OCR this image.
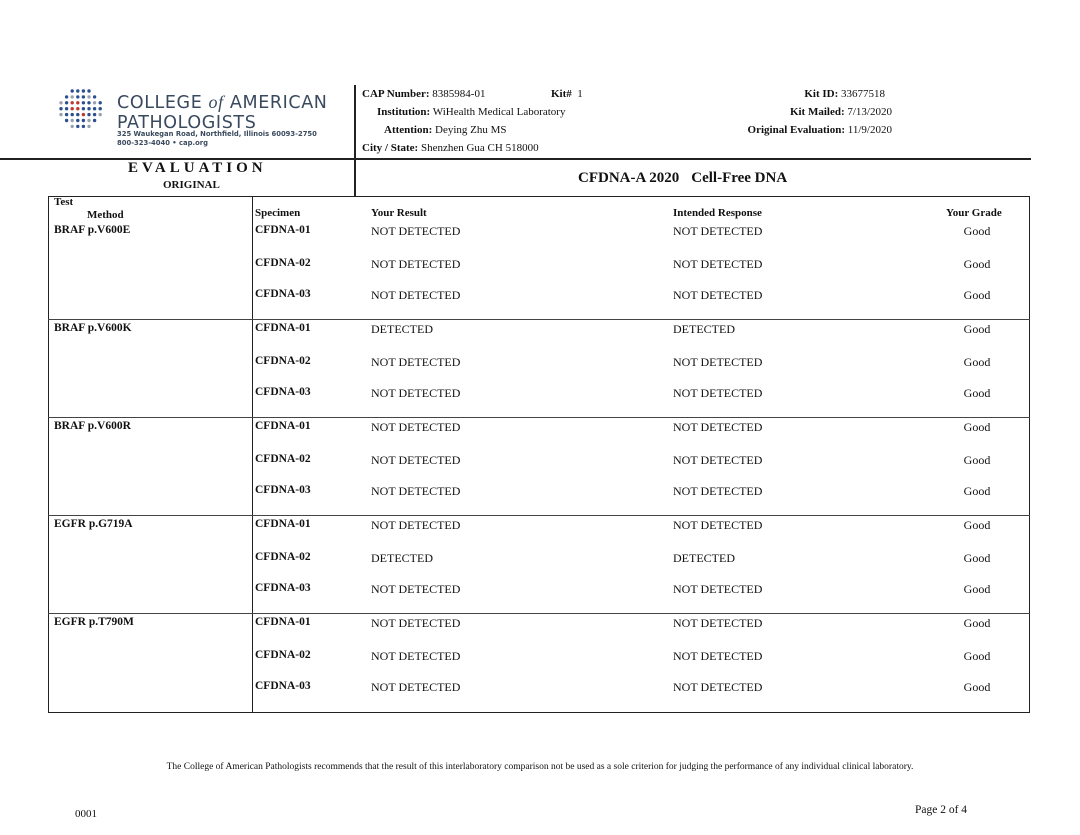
COLLEGE of AMERICAN
PATHOLOGISTS
325 Waukegan Road, Northfield, Illinois 60093-2750
800-323-4040 • cap.org
CAP Number: 8385984-01
Institution: WiHealth Medical Laboratory
Attention: Deying Zhu MS
City / State: Shenzhen Gua CH 518000
Kit# 1	Kit ID: 33677518
Kit Mailed: 7/13/2020
Original Evaluation: 11/9/2020
EVALUATION
ORIGINAL	CFDNA-A 2020 Cell-Free DNA
Test
Method	Specimen	Your Result	Intended Response	Your Grade
BRAF p.V600E	CFDNA-01	NOT DETECTED	NOT DETECTED	Good
CFDNA-02	NOT DETECTED	NOT DETECTED	Good
CFDNA-03	NOT DETECTED	NOT DETECTED	Good
BRAF p.V600K	CFDNA-01	DETECTED	DETECTED	Good
CFDNA-02	NOT DETECTED	NOT DETECTED	Good
CFDNA-03	NOT DETECTED	NOT DETECTED	Good
BRAF p.V600R	CFDNA-01	NOT DETECTED	NOT DETECTED	Good
CFDNA-02	NOT DETECTED	NOT DETECTED	Good
CFDNA-03	NOT DETECTED	NOT DETECTED	Good
EGFR p.G719A	CFDNA-01	NOT DETECTED	NOT DETECTED	Good
CFDNA-02	DETECTED	DETECTED	Good
CFDNA-03	NOT DETECTED	NOT DETECTED	Good
EGFR p.T790M	CFDNA-01	NOT DETECTED	NOT DETECTED	Good
CFDNA-02	NOT DETECTED	NOT DETECTED	Good
CFDNA-03	NOT DETECTED	NOT DETECTED	Good
The College of American Pathologists recommends that the result of this interlaboratory comparison not be used as a sole criterion for judging the performance of any individual clinical laboratory.
0001	Page 2 of 4
